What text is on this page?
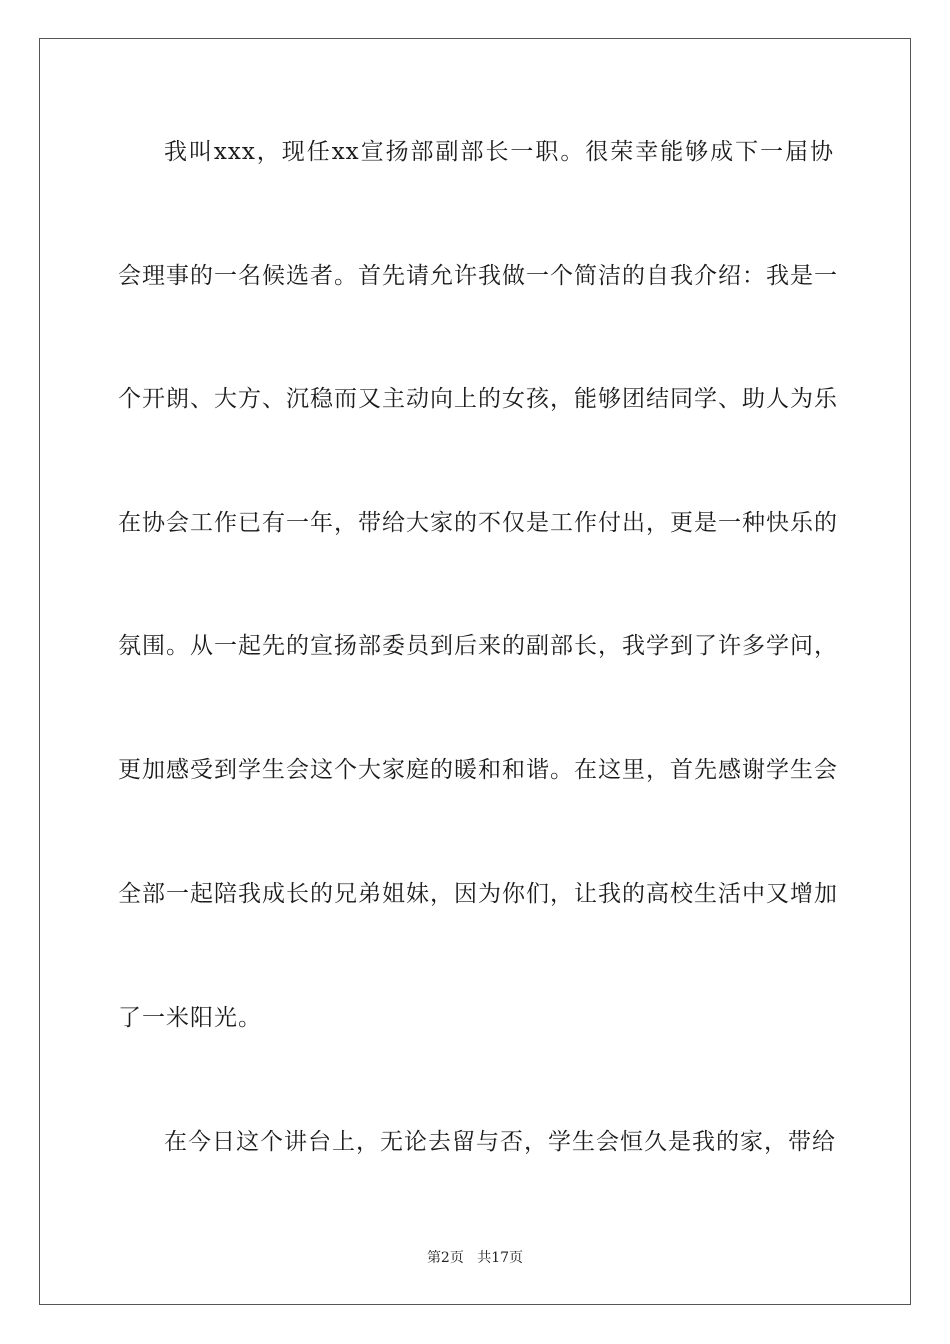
我叫xxx，现任xx宣扬部副部长一职。很荣幸能够成下一届协
会理事的一名候选者。首先请允许我做一个简洁的自我介绍：我是一
个开朗、大方、沉稳而又主动向上的女孩，能够团结同学、助人为乐
在协会工作已有一年，带给大家的不仅是工作付出，更是一种快乐的
氛围。从一起先的宣扬部委员到后来的副部长，我学到了许多学问，
更加感受到学生会这个大家庭的暖和和谐。在这里，首先感谢学生会
全部一起陪我成长的兄弟姐妹，因为你们，让我的高校生活中又增加
了一米阳光。
在今日这个讲台上，无论去留与否，学生会恒久是我的家，带给
第2页 共17页
